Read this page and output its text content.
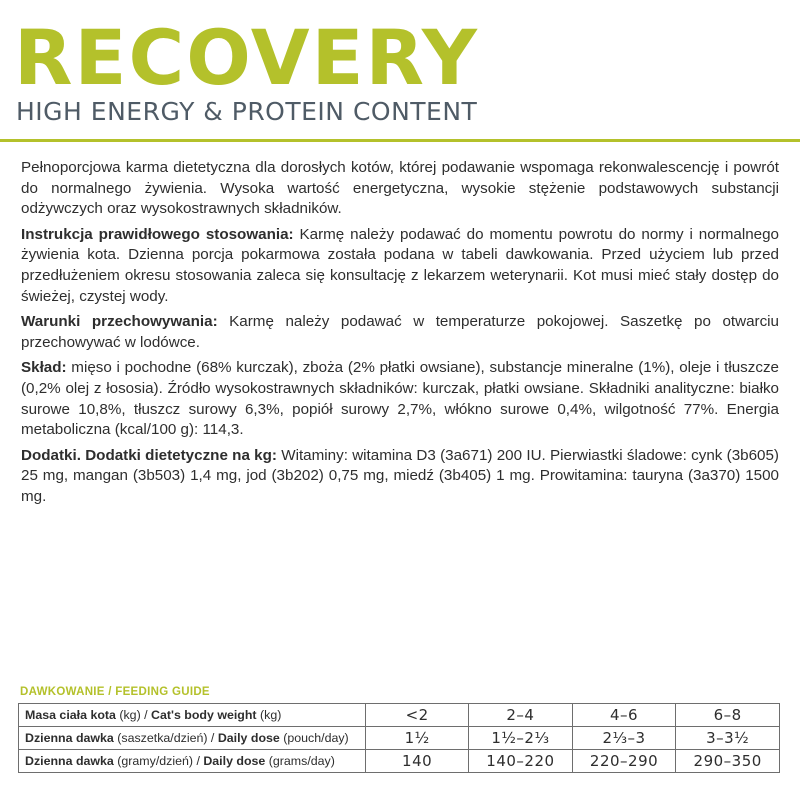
RECOVERY
HIGH ENERGY & PROTEIN CONTENT

Pełnoporcjowa karma dietetyczna dla dorosłych kotów, której podawanie wspomaga rekonwalescencję i powrót do normalnego żywienia. Wysoka wartość energetyczna, wysokie stężenie podstawowych substancji odżywczych oraz wysokostrawnych składników.

Instrukcja prawidłowego stosowania: Karmę należy podawać do momentu powrotu do normy i normalnego żywienia kota. Dzienna porcja pokarmowa została podana w tabeli dawkowania. Przed użyciem lub przed przedłużeniem okresu stosowania zaleca się konsultację z lekarzem weterynarii. Kot musi mieć stały dostęp do świeżej, czystej wody.

Warunki przechowywania: Karmę należy podawać w temperaturze pokojowej. Saszetkę po otwarciu przechowywać w lodówce.

Skład: mięso i pochodne (68% kurczak), zboża (2% płatki owsiane), substancje mineralne (1%), oleje i tłuszcze (0,2% olej z łososia). Źródło wysokostrawnych składników: kurczak, płatki owsiane. Składniki analityczne: białko surowe 10,8%, tłuszcz surowy 6,3%, popiół surowy 2,7%, włókno surowe 0,4%, wilgotność 77%. Energia metaboliczna (kcal/100 g): 114,3.

Dodatki. Dodatki dietetyczne na kg: Witaminy: witamina D3 (3a671) 200 IU. Pierwiastki śladowe: cynk (3b605) 25 mg, mangan (3b503) 1,4 mg, jod (3b202) 0,75 mg, miedź (3b405) 1 mg. Prowitamina: tauryna (3a370) 1500 mg.

DAWKOWANIE / FEEDING GUIDE
Masa ciała kota (kg) / Cat's body weight (kg)	<2	2–4	4–6	6–8
Dzienna dawka (saszetka/dzień) / Daily dose (pouch/day)	1½	1½–2⅓	2⅓–3	3–3½
Dzienna dawka (gramy/dzień) / Daily dose (grams/day)	140	140–220	220–290	290–350
